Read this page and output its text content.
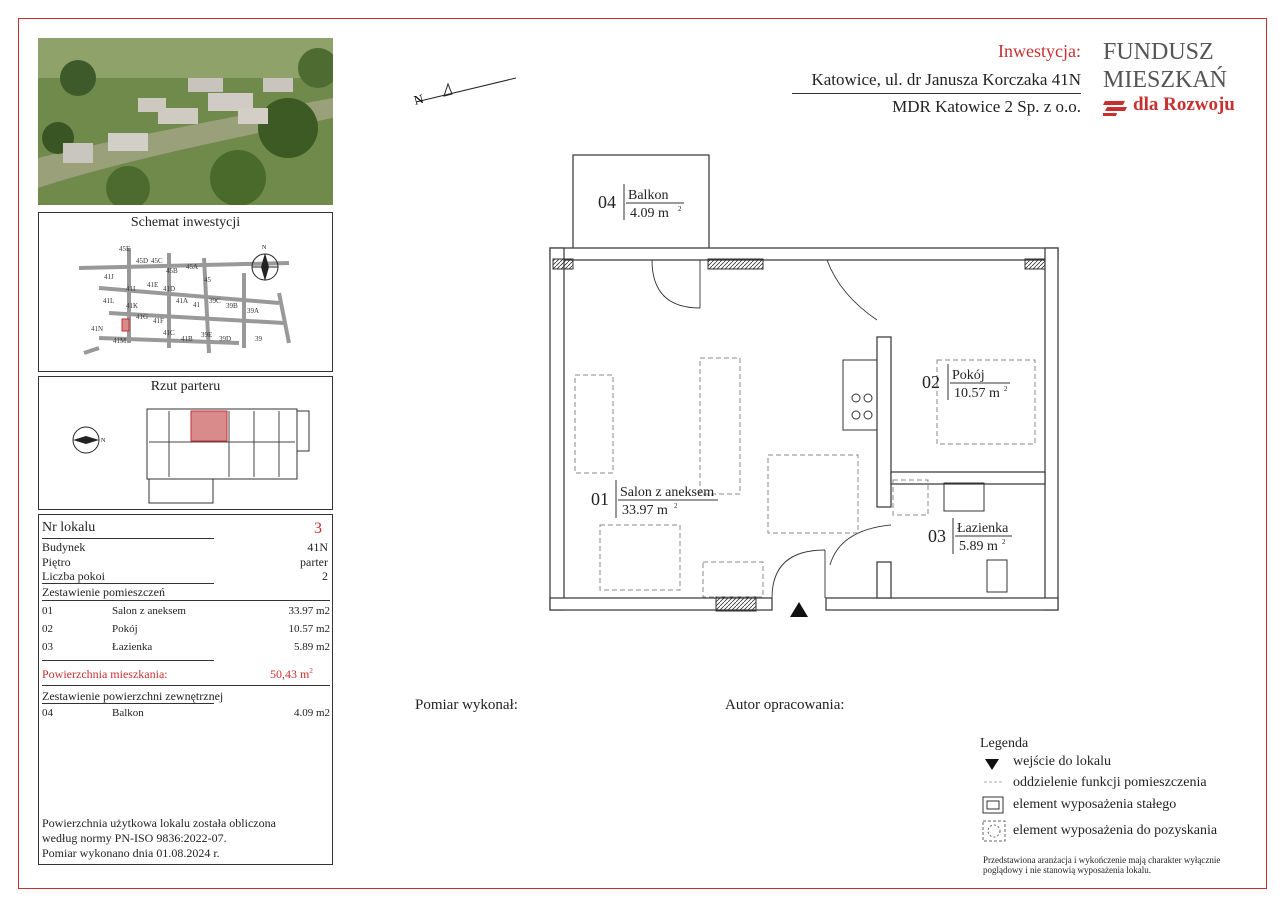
Schemat inwestycji
45E
45D 45C
45B 45A
45
41J
41I 41E 41D
41A 41 39C
39B
39A
41L
41K
41G 41F
41N
41M
41C
41B 39E 39D	39
N
Rzut parteru
N
Nr lokalu	3
Budynek	41N
Piętro	parter
Liczba pokoi	2
Zestawienie pomieszczeń
01	Salon z aneksem	33.97 m2
02	Pokój	10.57 m2
03	Łazienka	5.89 m2
Powierzchnia mieszkania:	50,43 $m^2$
Zestawienie powierzchni zewnętrznej
04	Balkon	4.09 m2
Powierzchnia użytkowa lokalu została obliczona
według normy PN-ISO 9836:2022-07.
Pomiar wykonano dnia 01.08.2024 r.
Inwestycja:
Katowice, ul. dr Janusza Korczaka 41N
MDR Katowice 2 Sp. z o.o.
FUNDUSZ
MIESZKAŃ
dla Rozwoju
N
04 Balkon
4.09 m 2
02 Pokój
10.57 m 2
01 Salon z aneksem
33.97 m 2
03 Łazienka
5.89 m 2
Pomiar wykonał:	Autor opracowania:
Legenda
wejście do lokalu
oddzielenie funkcji pomieszczenia
element wyposażenia stałego
element wyposażenia do pozyskania
Przedstawiona aranżacja i wykończenie mają charakter wyłącznie
poglądowy i nie stanowią wyposażenia lokalu.
